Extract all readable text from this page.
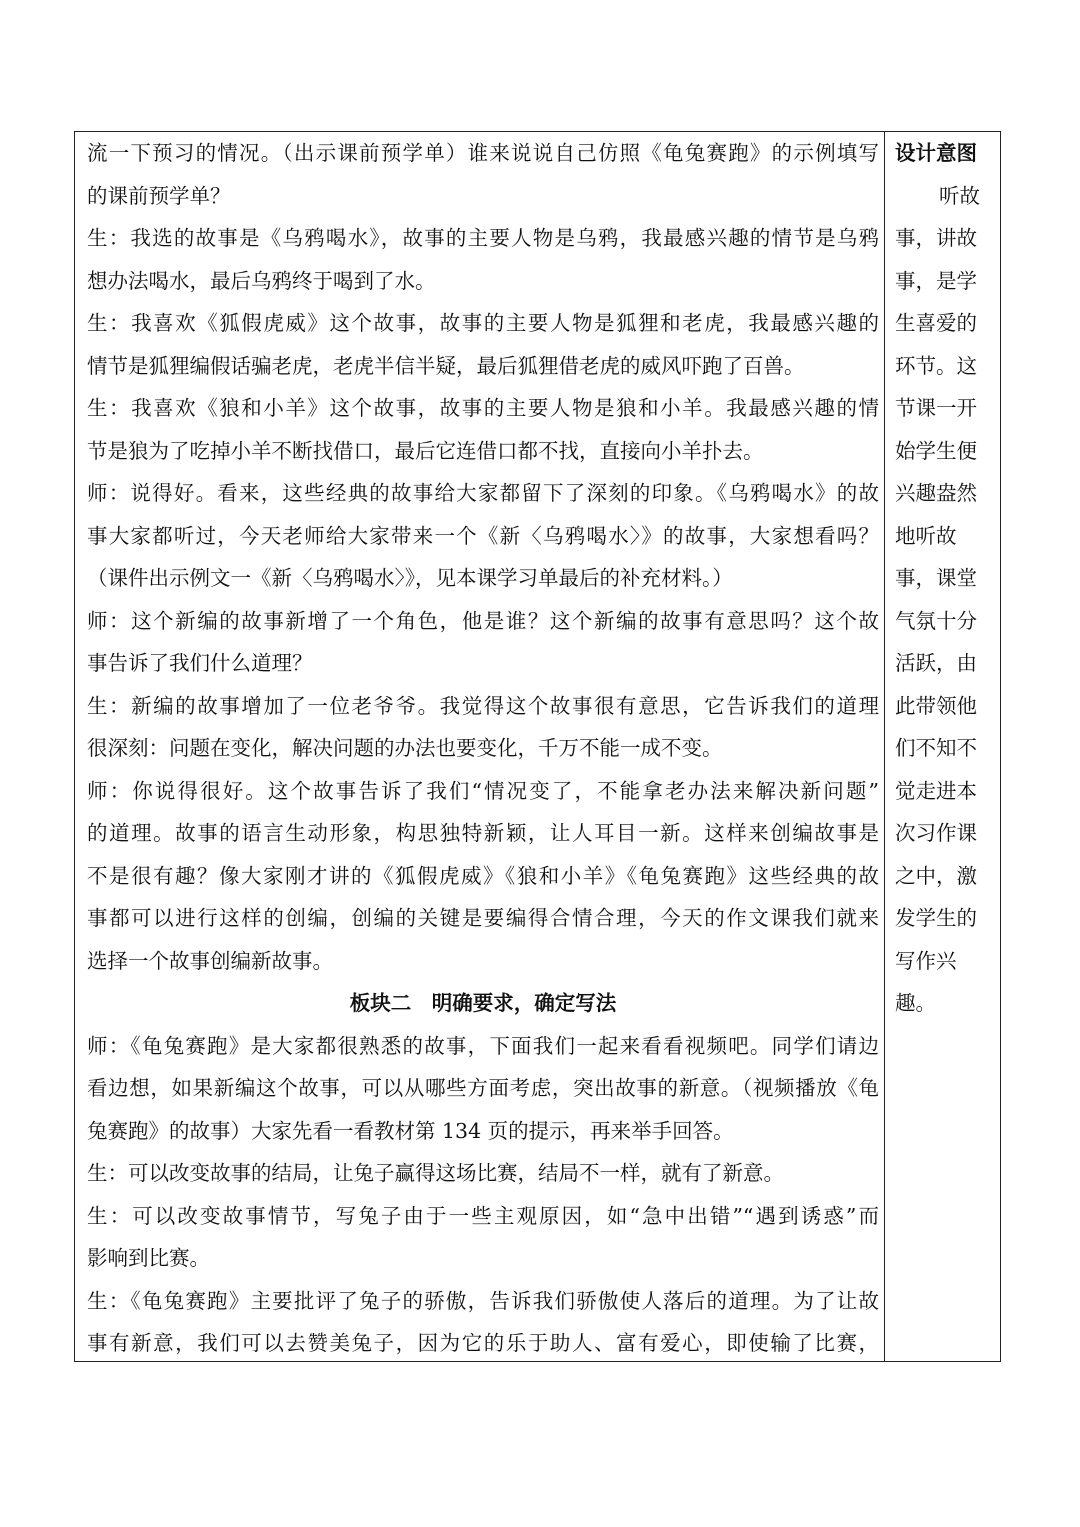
流一下预习的情况。（出示课前预学单）谁来说说自己仿照《龟兔赛跑》的示例填写
的课前预学单？
生：我选的故事是《乌鸦喝水》，故事的主要人物是乌鸦，我最感兴趣的情节是乌鸦
想办法喝水，最后乌鸦终于喝到了水。
生：我喜欢《狐假虎威》这个故事，故事的主要人物是狐狸和老虎，我最感兴趣的
情节是狐狸编假话骗老虎，老虎半信半疑，最后狐狸借老虎的威风吓跑了百兽。
生：我喜欢《狼和小羊》这个故事，故事的主要人物是狼和小羊。我最感兴趣的情
节是狼为了吃掉小羊不断找借口，最后它连借口都不找，直接向小羊扑去。
师：说得好。看来，这些经典的故事给大家都留下了深刻的印象。《乌鸦喝水》的故
事大家都听过，今天老师给大家带来一个《新〈乌鸦喝水〉》的故事，大家想看吗？
（课件出示例文一《新〈乌鸦喝水〉》，见本课学习单最后的补充材料。）
师：这个新编的故事新增了一个角色，他是谁？这个新编的故事有意思吗？这个故
事告诉了我们什么道理？
生：新编的故事增加了一位老爷爷。我觉得这个故事很有意思，它告诉我们的道理
很深刻：问题在变化，解决问题的办法也要变化，千万不能一成不变。
师：你说得很好。这个故事告诉了我们“情况变了，不能拿老办法来解决新问题”
的道理。故事的语言生动形象，构思独特新颖，让人耳目一新。这样来创编故事是
不是很有趣？像大家刚才讲的《狐假虎威》《狼和小羊》《龟兔赛跑》这些经典的故
事都可以进行这样的创编，创编的关键是要编得合情合理，今天的作文课我们就来
选择一个故事创编新故事。
板块二　明确要求，确定写法
师：《龟兔赛跑》是大家都很熟悉的故事，下面我们一起来看看视频吧。同学们请边
看边想，如果新编这个故事，可以从哪些方面考虑，突出故事的新意。（视频播放《龟
兔赛跑》的故事）大家先看一看教材第 134 页的提示，再来举手回答。
生：可以改变故事的结局，让兔子赢得这场比赛，结局不一样，就有了新意。
生：可以改变故事情节，写兔子由于一些主观原因，如“急中出错”“遇到诱惑”而
影响到比赛。
生：《龟兔赛跑》主要批评了兔子的骄傲，告诉我们骄傲使人落后的道理。为了让故
事有新意，我们可以去赞美兔子，因为它的乐于助人、富有爱心，即使输了比赛，
设计意图
听故
事，讲故
事，是学
生喜爱的
环节。这
节课一开
始学生便
兴趣盎然
地听故
事，课堂
气氛十分
活跃，由
此带领他
们不知不
觉走进本
次习作课
之中，激
发学生的
写作兴
趣。
